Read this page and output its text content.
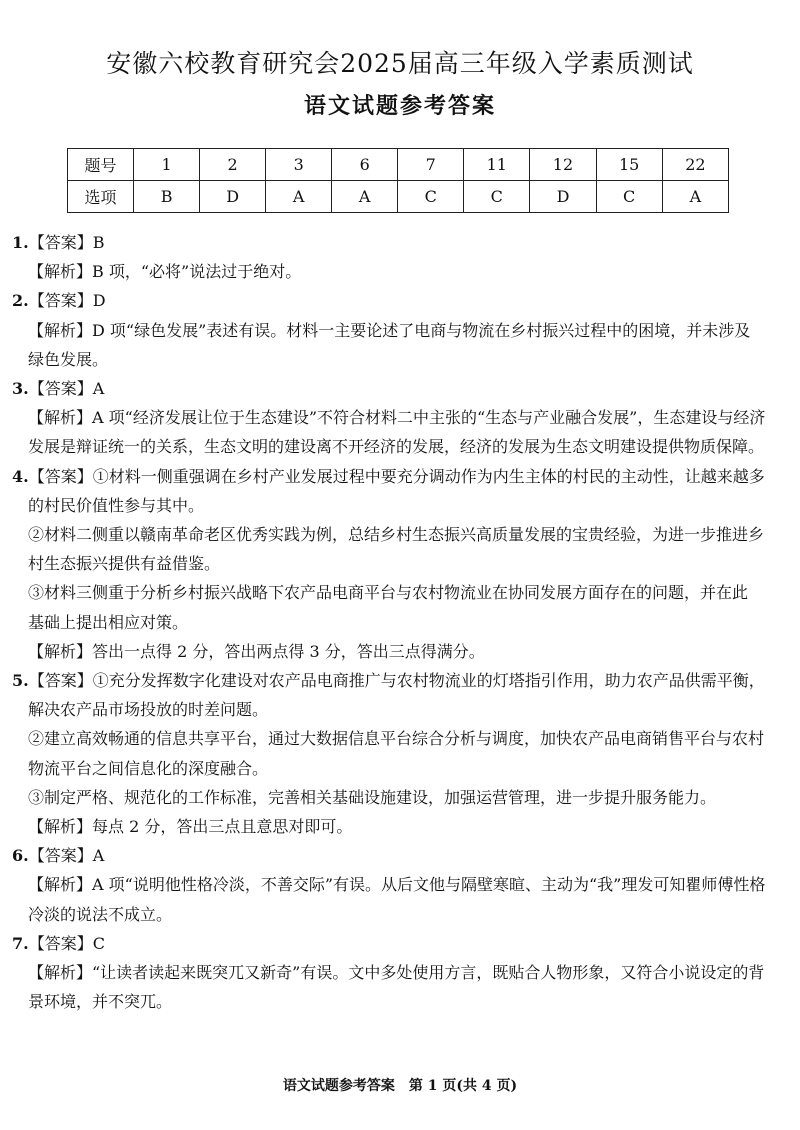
安徽六校教育研究会2025届高三年级入学素质测试
语文试题参考答案
题号	1	2	3	6	7	11	12	15	22
选项	B	D	A	A	C	C	D	C	A

1.【答案】B

【解析】B 项，“必将”说法过于绝对。

2.【答案】D

【解析】D 项“绿色发展”表述有误。材料一主要论述了电商与物流在乡村振兴过程中的困境，并未涉及

绿色发展。

3.【答案】A

【解析】A 项“经济发展让位于生态建设”不符合材料二中主张的“生态与产业融合发展”，生态建设与经济

发展是辩证统一的关系，生态文明的建设离不开经济的发展，经济的发展为生态文明建设提供物质保障。

4.【答案】①材料一侧重强调在乡村产业发展过程中要充分调动作为内生主体的村民的主动性，让越来越多

的村民价值性参与其中。

②材料二侧重以赣南革命老区优秀实践为例，总结乡村生态振兴高质量发展的宝贵经验，为进一步推进乡

村生态振兴提供有益借鉴。

③材料三侧重于分析乡村振兴战略下农产品电商平台与农村物流业在协同发展方面存在的问题，并在此

基础上提出相应对策。

【解析】答出一点得 2 分，答出两点得 3 分，答出三点得满分。

5.【答案】①充分发挥数字化建设对农产品电商推广与农村物流业的灯塔指引作用，助力农产品供需平衡，

解决农产品市场投放的时差问题。

②建立高效畅通的信息共享平台，通过大数据信息平台综合分析与调度，加快农产品电商销售平台与农村

物流平台之间信息化的深度融合。

③制定严格、规范化的工作标准，完善相关基础设施建设，加强运营管理，进一步提升服务能力。

【解析】每点 2 分，答出三点且意思对即可。

6.【答案】A

【解析】A 项“说明他性格冷淡，不善交际”有误。从后文他与隔壁寒暄、主动为“我”理发可知瞿师傅性格

冷淡的说法不成立。

7.【答案】C

【解析】“让读者读起来既突兀又新奇”有误。文中多处使用方言，既贴合人物形象，又符合小说设定的背

景环境，并不突兀。

语文试题参考答案　第 1 页(共 4 页)
